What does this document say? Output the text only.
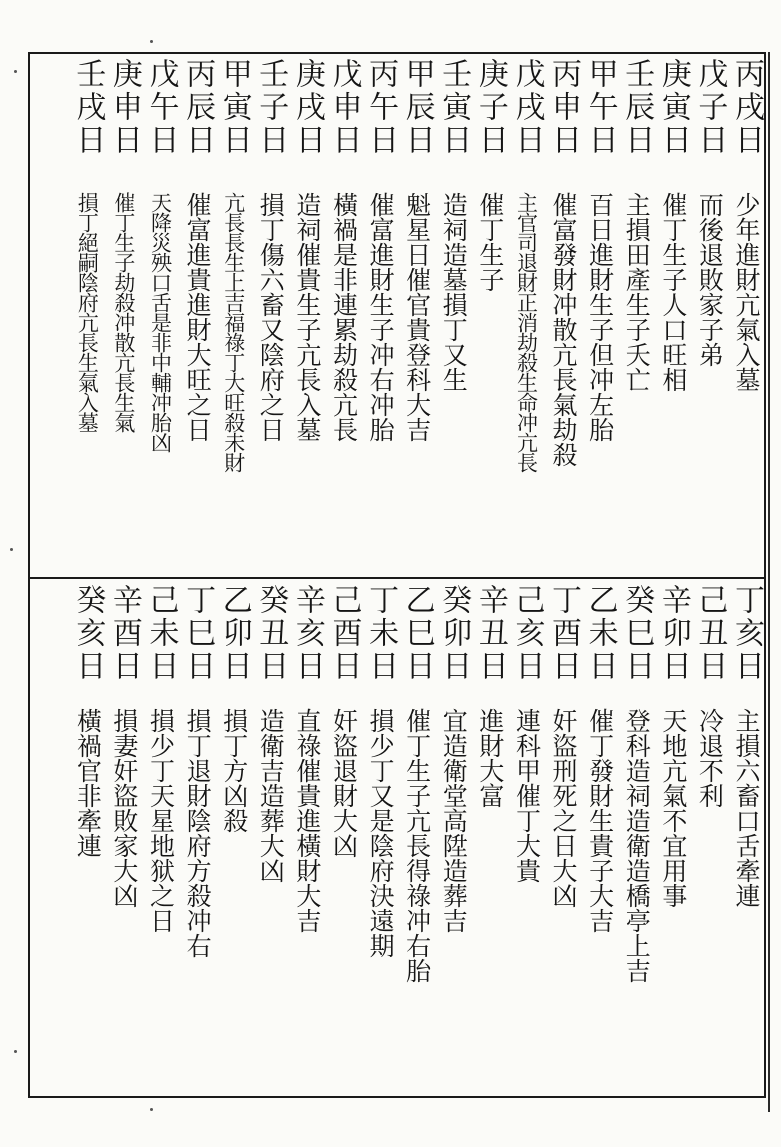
丙戌日
少年進財亢氣入墓
戊子日
而後退敗家子弟
庚寅日
催丁生子人口旺相
壬辰日
主損田產生子夭亡
甲午日
百日進財生子但冲左胎
丙申日
催富發財冲散亢長氣劫殺
戊戌日
主官司退財正消劫殺生命冲亢長
庚子日
催丁生子
壬寅日
造祠造墓損丁又生
甲辰日
魁星日催官貴登科大吉
丙午日
催富進財生子冲右冲胎
戊申日
橫禍是非連累劫殺亢長
庚戌日
造祠催貴生子亢長入墓
壬子日
損丁傷六畜又陰府之日
甲寅日
亢長長生上吉福祿丁大旺殺未財
丙辰日
催富進貴進財大旺之日
戊午日
天降災殃口舌是非中輔冲胎凶
庚申日
催丁生子劫殺冲散亢長生氣
壬戌日
損丁絕嗣陰府亢長生氣入墓
丁亥日
主損六畜口舌牽連
己丑日
冷退不利
辛卯日
天地亢氣不宜用事
癸巳日
登科造祠造衛造橋亭上吉
乙未日
催丁發財生貴子大吉
丁酉日
奸盜刑死之日大凶
己亥日
連科甲催丁大貴
辛丑日
進財大富
癸卯日
宜造衛堂高陞造葬吉
乙巳日
催丁生子亢長得祿冲右胎
丁未日
損少丁又是陰府決遠期
己酉日
奸盜退財大凶
辛亥日
直祿催貴進橫財大吉
癸丑日
造衛吉造葬大凶
乙卯日
損丁方凶殺
丁巳日
損丁退財陰府方殺冲右
己未日
損少丁天星地狱之日
辛酉日
損妻奸盜敗家大凶
癸亥日
橫禍官非牽連
